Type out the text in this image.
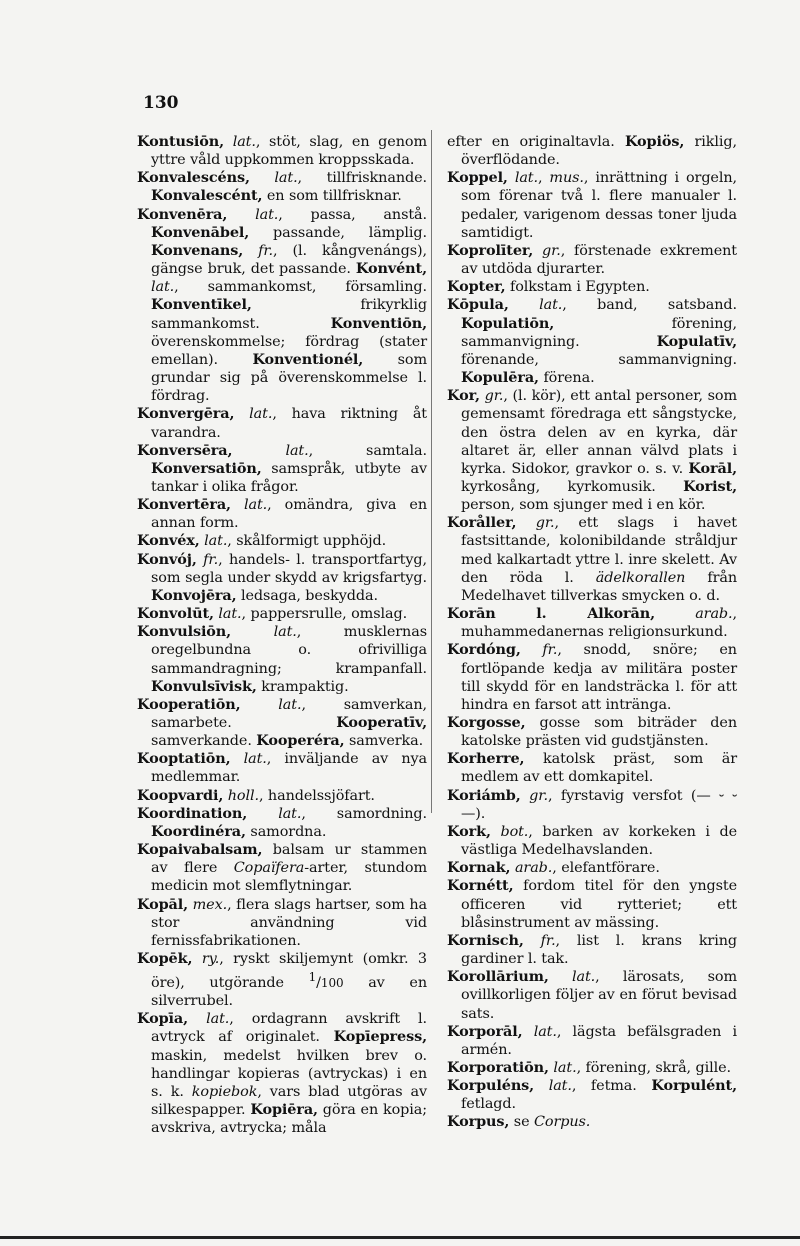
130

Kontusiōn, lat., stöt, slag, en genom yttre våld uppkommen kroppsskada.

Konvalescéns, lat., tillfrisknande. Konvalescént, en som tillfrisknar.

Konvenēra, lat., passa, anstå. Konvenābel, passande, lämplig. Konvenans, fr., (l. kångvenángs), gängse bruk, det passande. Konvént, lat., sammankomst, församling. Konventīkel, frikyrklig sammankomst. Konventiōn, överenskommelse; fördrag (stater emellan). Konventionél, som grundar sig på överenskommelse l. fördrag.

Konvergēra, lat., hava riktning åt varandra.

Konversēra,	lat., samtala. Konversatiōn, samspråk, utbyte av tankar i olika frågor.

Konvertēra, lat., omändra, giva en annan form.

Konvéx, lat., skålformigt upphöjd.

Konvój, fr., handels- l. transportfartyg, som segla under skydd av krigsfartyg. Konvojēra, ledsaga, beskydda.

Konvolūt, lat., pappersrulle, omslag.

Konvulsiōn,	lat., musklernas oregelbundna o. ofrivilliga sammandragning; krampanfall. Konvulsīvisk, krampaktig.

Kooperatiōn,	lat., samverkan, samarbete. Kooperatīv, samverkande. Kooperéra, samverka.

Kooptatiōn, lat., inväljande av nya medlemmar.

Koopvardi, holl., handelssjöfart.

Koordination, lat., samordning. Koordinéra, samordna.

Kopaivabalsam, balsam ur stammen av flere Copaïfera-arter, stundom medicin mot slemflytningar.

Kopāl, mex., flera slags hartser, som ha stor användning vid fernissfabrikationen.

Kopēk, ry., ryskt skiljemynt (omkr. 3 öre), utgörande $^1$/100 av en silverrubel.

Kopīa, lat., ordagrann avskrift l. avtryck af originalet. Kopīepress, maskin, medelst hvilken brev o. handlingar kopieras (avtryckas) i en s. k. kopiebok, vars blad utgöras av silkespapper. Kopiēra, göra en kopia; avskriva, avtrycka; måla

efter en originaltavla. Kopiös, riklig, överflödande.

Koppel, lat., mus., inrättning i orgeln, som förenar två l. flere manualer l. pedaler, varigenom dessas toner ljuda samtidigt.

Koprolīter, gr., förstenade exkrement av utdöda djurarter.

Kopter, folkstam i Egypten.

Kōpula, lat., band, satsband. Kopulatiōn, förening, sammanvigning. Kopulatīv, förenande, sammanvigning. Kopulēra, förena.

Kor, gr., (l. kör), ett antal personer, som gemensamt föredraga ett sångstycke, den östra delen av en kyrka, där altaret är, eller annan välvd plats i kyrka. Sidokor, gravkor o. s. v. Korāl, kyrkosång, kyrkomusik. Korist, person, som sjunger med i en kör.

Koråller, gr., ett slags i havet fastsittande, kolonibildande stråldjur med kalkartadt yttre l. inre skelett. Av den röda l. ädelkorallen från Medelhavet tillverkas smycken o. d.

Korān l. Alkorān,	arab., muhammedanernas religionsurkund.

Kordóng, fr., snodd, snöre; en fortlöpande kedja av militära poster till skydd för en landsträcka l. för att hindra en farsot att intränga.

Korgosse, gosse som biträder den katolske prästen vid gudstjänsten.

Korherre, katolsk präst, som är medlem av ett domkapitel.

Koriámb, gr., fyrstavig versfot (— ⏑ ⏑ —).

Kork, bot., barken av korkeken i de västliga Medelhavslanden.

Kornak, arab., elefantförare.

Kornétt, fordom titel för den yngste officeren vid rytteriet; ett blåsinstrument av mässing.

Kornisch, fr., list l. krans kring gardiner l. tak.

Korollārium, lat., lärosats, som ovillkorligen följer av en förut bevisad sats.

Korporāl, lat., lägsta befälsgraden i armén.

Korporatiōn, lat., förening, skrå, gille.

Korpuléns, lat., fetma. Korpulént, fetlagd.

Korpus, se Corpus.
